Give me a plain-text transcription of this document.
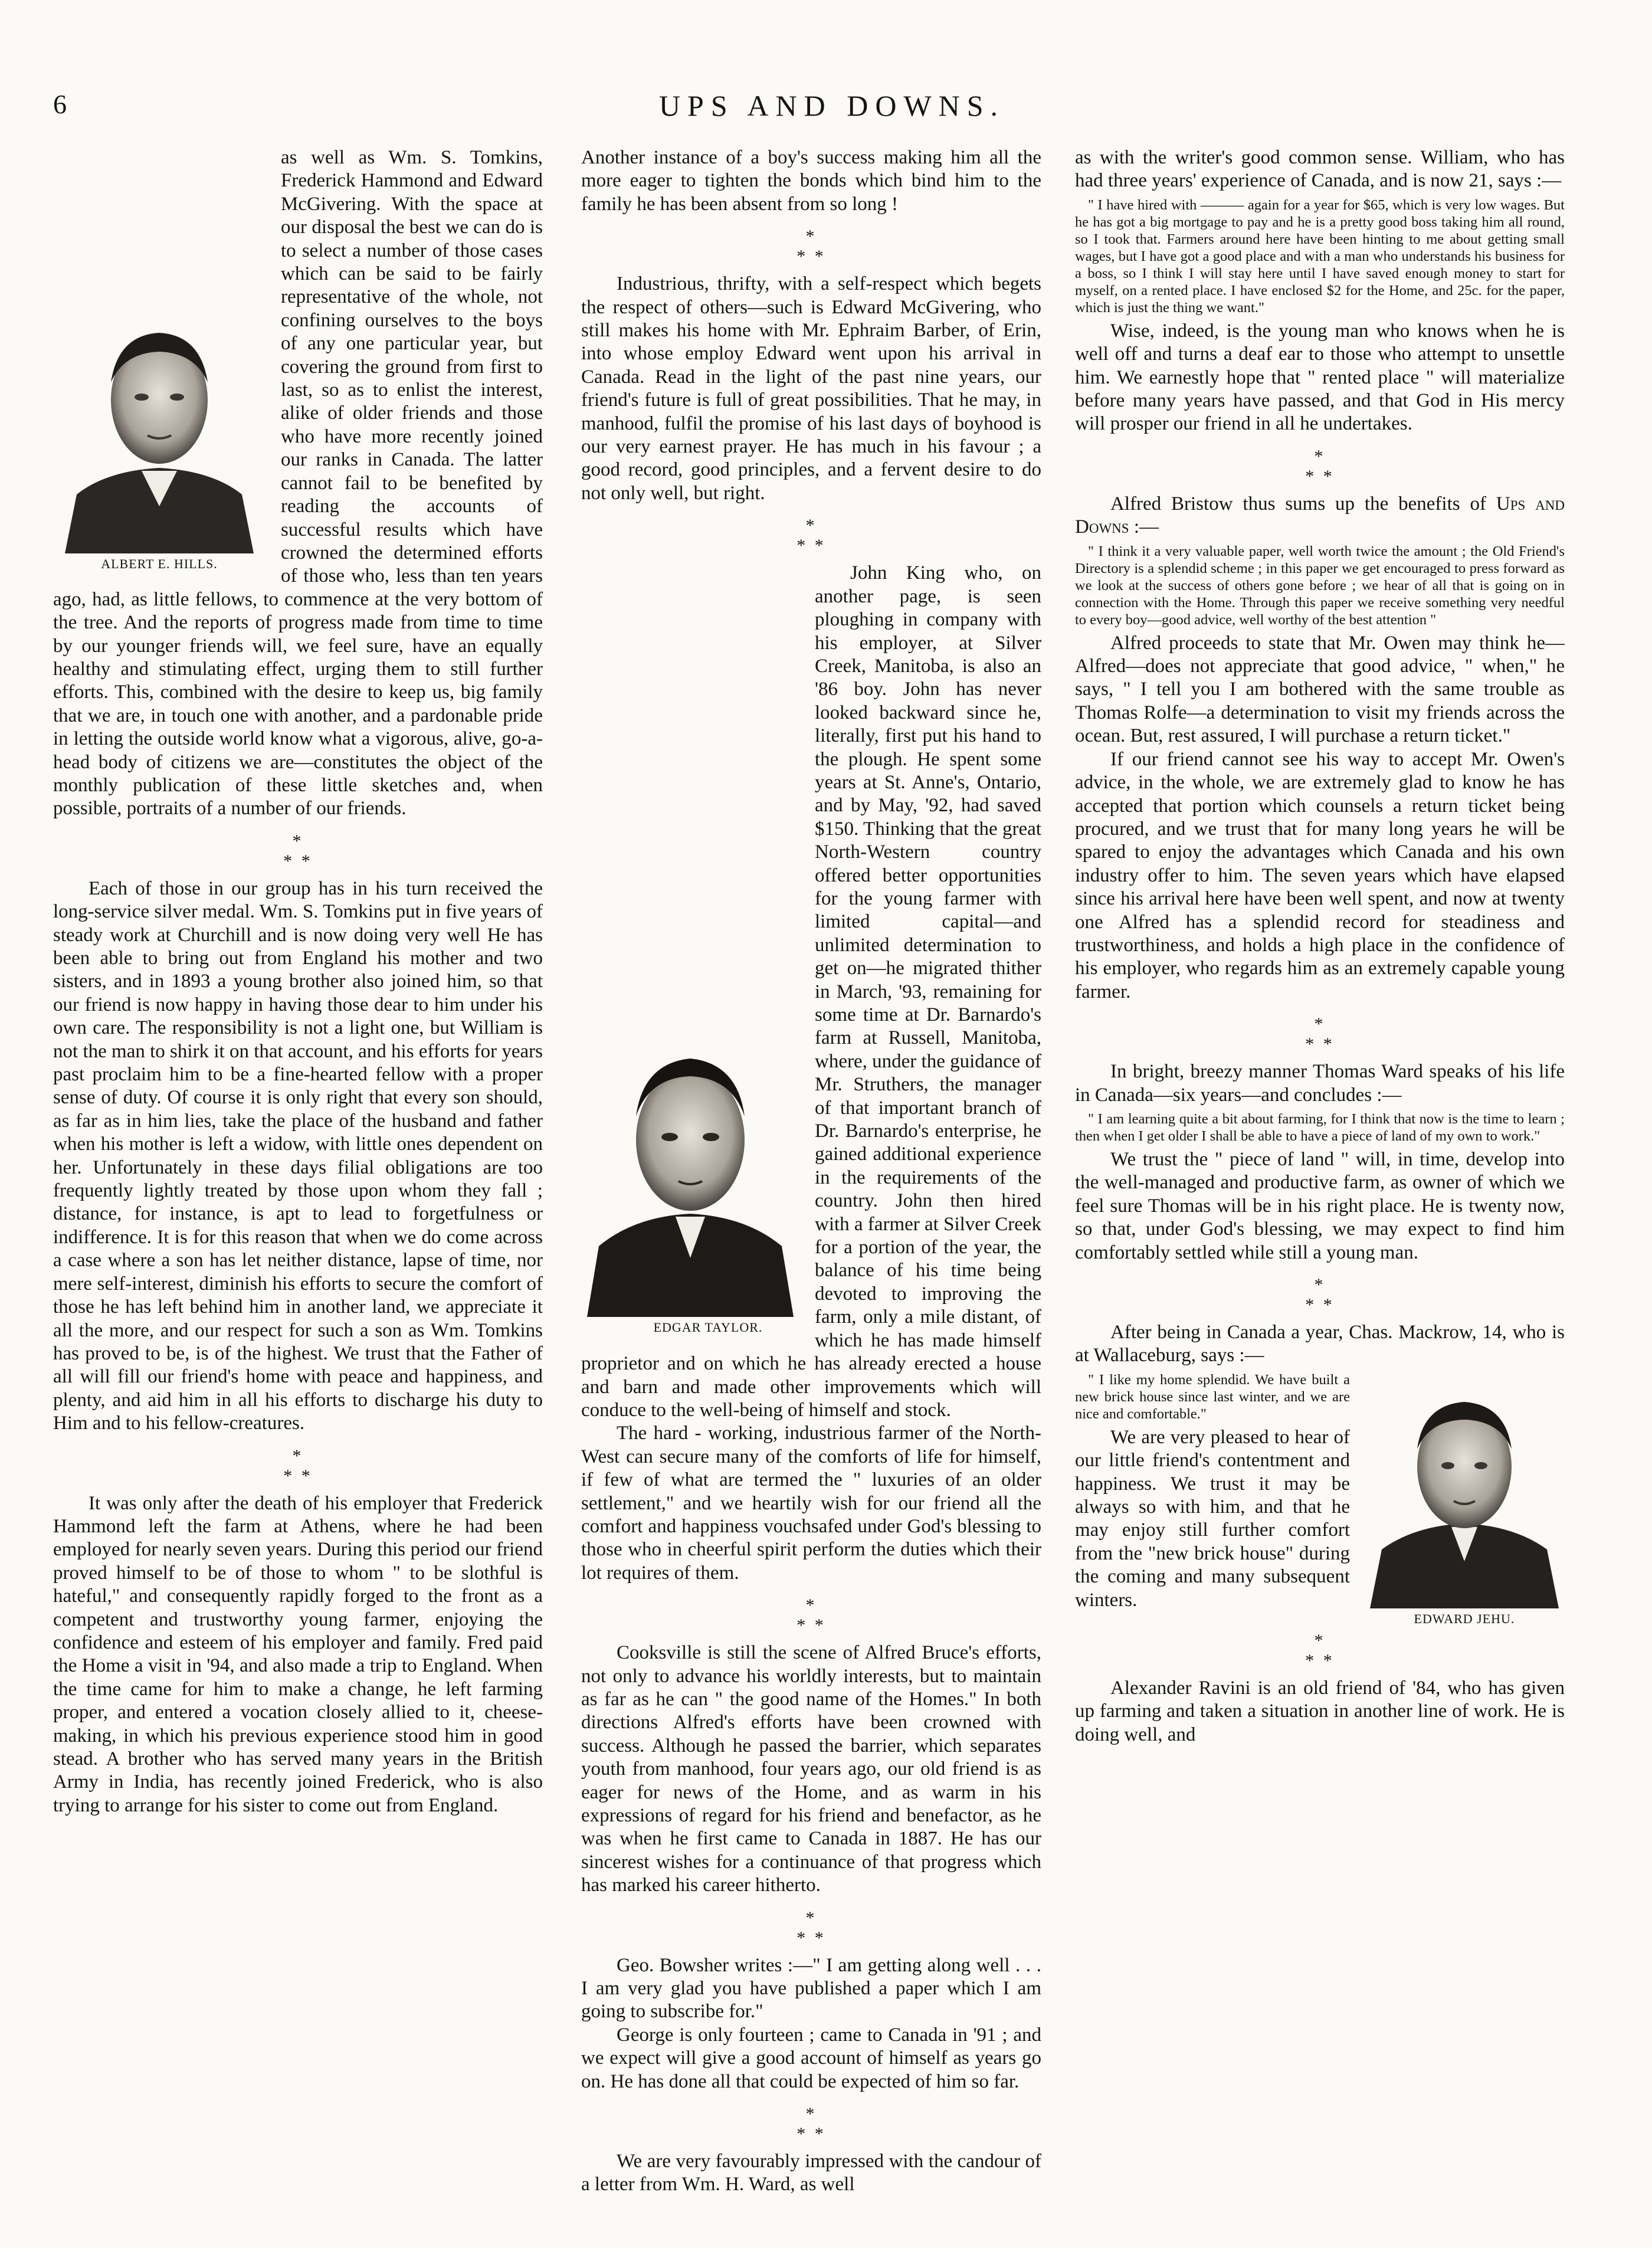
6	UPS AND DOWNS.

ALBERT E. HILLS.
as well as Wm. S. Tomkins, Frederick Hammond and Edward McGivering. With the space at our disposal the best we can do is to select a number of those cases which can be said to be fairly representative of the whole, not confining ourselves to the boys of any one particular year, but covering the ground from first to last, so as to enlist the interest, alike of older friends and those who have more recently joined our ranks in Canada. The latter cannot fail to be benefited by reading the accounts of successful results which have crowned the determined efforts of those who, less than ten years ago, had, as little fellows, to commence at the very bottom of the tree. And the reports of progress made from time to time by our younger friends will, we feel sure, have an equally healthy and stimulating effect, urging them to still further efforts. This, combined with the desire to keep us, big family that we are, in touch one with another, and a pardonable pride in letting the outside world know what a vigorous, alive, go-a-head body of citizens we are—constitutes the object of the monthly publication of these little sketches and, when possible, portraits of a number of our friends.

*
* *

Each of those in our group has in his turn received the long-service silver medal. Wm. S. Tomkins put in five years of steady work at Churchill and is now doing very well He has been able to bring out from England his mother and two sisters, and in 1893 a young brother also joined him, so that our friend is now happy in having those dear to him under his own care. The responsibility is not a light one, but William is not the man to shirk it on that account, and his efforts for years past proclaim him to be a fine-hearted fellow with a proper sense of duty. Of course it is only right that every son should, as far as in him lies, take the place of the husband and father when his mother is left a widow, with little ones dependent on her. Unfortunately in these days filial obligations are too frequently lightly treated by those upon whom they fall ; distance, for instance, is apt to lead to forgetfulness or indifference. It is for this reason that when we do come across a case where a son has let neither distance, lapse of time, nor mere self-interest, diminish his efforts to secure the comfort of those he has left behind him in another land, we appreciate it all the more, and our respect for such a son as Wm. Tomkins has proved to be, is of the highest. We trust that the Father of all will fill our friend's home with peace and happiness, and plenty, and aid him in all his efforts to discharge his duty to Him and to his fellow-creatures.

*
* *

It was only after the death of his employer that Frederick Hammond left the farm at Athens, where he had been employed for nearly seven years. During this period our friend proved himself to be of those to whom " to be slothful is hateful," and consequently rapidly forged to the front as a competent and trustworthy young farmer, enjoying the confidence and esteem of his employer and family. Fred paid the Home a visit in '94, and also made a trip to England. When the time came for him to make a change, he left farming proper, and entered a vocation closely allied to it, cheese-making, in which his previous experience stood him in good stead. A brother who has served many years in the British Army in India, has recently joined Frederick, who is also trying to arrange for his sister to come out from England.

Another instance of a boy's success making him all the more eager to tighten the bonds which bind him to the family he has been absent from so long !

*
* *

Industrious, thrifty, with a self-respect which begets the respect of others—such is Edward McGivering, who still makes his home with Mr. Ephraim Barber, of Erin, into whose employ Edward went upon his arrival in Canada. Read in the light of the past nine years, our friend's future is full of great possibilities. That he may, in manhood, fulfil the promise of his last days of boyhood is our very earnest prayer. He has much in his favour ; a good record, good principles, and a fervent desire to do not only well, but right.

*
* *

EDGAR TAYLOR.
John King who, on another page, is seen ploughing in company with his employer, at Silver Creek, Manitoba, is also an '86 boy. John has never looked backward since he, literally, first put his hand to the plough. He spent some years at St. Anne's, Ontario, and by May, '92, had saved $150. Thinking that the great North-Western country offered better opportunities for the young farmer with limited capital—and unlimited determination to get on—he migrated thither in March, '93, remaining for some time at Dr. Barnardo's farm at Russell, Manitoba, where, under the guidance of Mr. Struthers, the manager of that important branch of Dr. Barnardo's enterprise, he gained additional experience in the requirements of the country. John then hired with a farmer at Silver Creek for a portion of the year, the balance of his time being devoted to improving the farm, only a mile distant, of which he has made himself proprietor and on which he has already erected a house and barn and made other improvements which will conduce to the well-being of himself and stock.

The hard - working, industrious farmer of the North-West can secure many of the comforts of life for himself, if few of what are termed the " luxuries of an older settlement," and we heartily wish for our friend all the comfort and happiness vouchsafed under God's blessing to those who in cheerful spirit perform the duties which their lot requires of them.

*
* *

Cooksville is still the scene of Alfred Bruce's efforts, not only to advance his worldly interests, but to maintain as far as he can " the good name of the Homes." In both directions Alfred's efforts have been crowned with success. Although he passed the barrier, which separates youth from manhood, four years ago, our old friend is as eager for news of the Home, and as warm in his expressions of regard for his friend and benefactor, as he was when he first came to Canada in 1887. He has our sincerest wishes for a continuance of that progress which has marked his career hitherto.

*
* *

Geo. Bowsher writes :—" I am getting along well . . . I am very glad you have published a paper which I am going to subscribe for."

George is only fourteen ; came to Canada in '91 ; and we expect will give a good account of himself as years go on. He has done all that could be expected of him so far.

*
* *

We are very favourably impressed with the candour of a letter from Wm. H. Ward, as well

as with the writer's good common sense. William, who has had three years' experience of Canada, and is now 21, says :—

" I have hired with ——— again for a year for $65, which is very low wages. But he has got a big mortgage to pay and he is a pretty good boss taking him all round, so I took that. Farmers around here have been hinting to me about getting small wages, but I have got a good place and with a man who understands his business for a boss, so I think I will stay here until I have saved enough money to start for myself, on a rented place. I have enclosed $2 for the Home, and 25c. for the paper, which is just the thing we want."

Wise, indeed, is the young man who knows when he is well off and turns a deaf ear to those who attempt to unsettle him. We earnestly hope that " rented place " will materialize before many years have passed, and that God in His mercy will prosper our friend in all he undertakes.

*
* *

Alfred Bristow thus sums up the benefits of Ups and Downs :—

" I think it a very valuable paper, well worth twice the amount ; the Old Friend's Directory is a splendid scheme ; in this paper we get encouraged to press forward as we look at the success of others gone before ; we hear of all that is going on in connection with the Home. Through this paper we receive something very needful to every boy—good advice, well worthy of the best attention "

Alfred proceeds to state that Mr. Owen may think he—Alfred—does not appreciate that good advice, " when," he says, " I tell you I am bothered with the same trouble as Thomas Rolfe—a determination to visit my friends across the ocean. But, rest assured, I will purchase a return ticket."

If our friend cannot see his way to accept Mr. Owen's advice, in the whole, we are extremely glad to know he has accepted that portion which counsels a return ticket being procured, and we trust that for many long years he will be spared to enjoy the advantages which Canada and his own industry offer to him. The seven years which have elapsed since his arrival here have been well spent, and now at twenty one Alfred has a splendid record for steadiness and trustworthiness, and holds a high place in the confidence of his employer, who regards him as an extremely capable young farmer.

*
* *

In bright, breezy manner Thomas Ward speaks of his life in Canada—six years—and concludes :—

" I am learning quite a bit about farming, for I think that now is the time to learn ; then when I get older I shall be able to have a piece of land of my own to work."

We trust the " piece of land " will, in time, develop into the well-managed and productive farm, as owner of which we feel sure Thomas will be in his right place. He is twenty now, so that, under God's blessing, we may expect to find him comfortably settled while still a young man.

*
* *

After being in Canada a year, Chas. Mackrow, 14, who is at Wallaceburg, says :—

EDWARD JEHU.

" I like my home splendid. We have built a new brick house since last winter, and we are nice and comfortable."

We are very pleased to hear of our little friend's contentment and happiness. We trust it may be always so with him, and that he may enjoy still further comfort from the "new brick house" during the coming and many subsequent winters.

*
* *

Alexander Ravini is an old friend of '84, who has given up farming and taken a situation in another line of work. He is doing well, and
